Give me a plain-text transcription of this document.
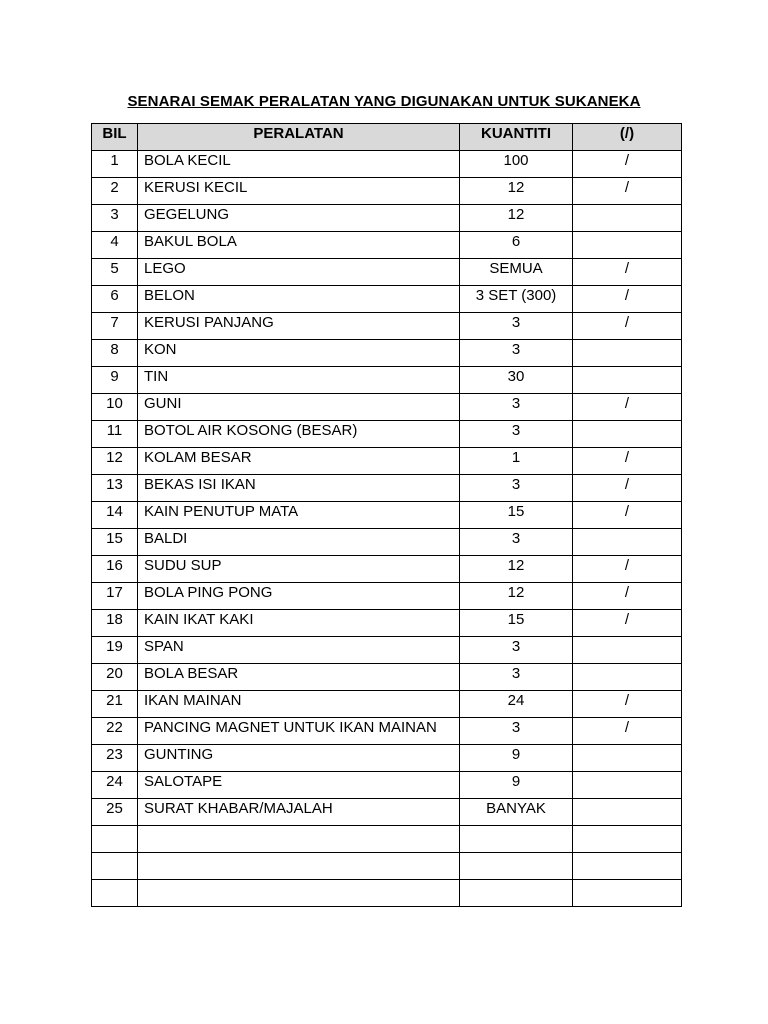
SENARAI SEMAK PERALATAN YANG DIGUNAKAN UNTUK SUKANEKA
BIL	PERALATAN	KUANTITI	(/)
1	BOLA KECIL	100	/
2	KERUSI KECIL	12	/
3	GEGELUNG	12	
4	BAKUL BOLA	6	
5	LEGO	SEMUA	/
6	BELON	3 SET (300)	/
7	KERUSI PANJANG	3	/
8	KON	3	
9	TIN	30	
10	GUNI	3	/
11	BOTOL AIR KOSONG (BESAR)	3	
12	KOLAM BESAR	1	/
13	BEKAS ISI IKAN	3	/
14	KAIN PENUTUP MATA	15	/
15	BALDI	3	
16	SUDU SUP	12	/
17	BOLA PING PONG	12	/
18	KAIN IKAT KAKI	15	/
19	SPAN	3	
20	BOLA BESAR	3	
21	IKAN MAINAN	24	/
22	PANCING MAGNET UNTUK IKAN MAINAN	3	/
23	GUNTING	9	
24	SALOTAPE	9	
25	SURAT KHABAR/MAJALAH	BANYAK	
